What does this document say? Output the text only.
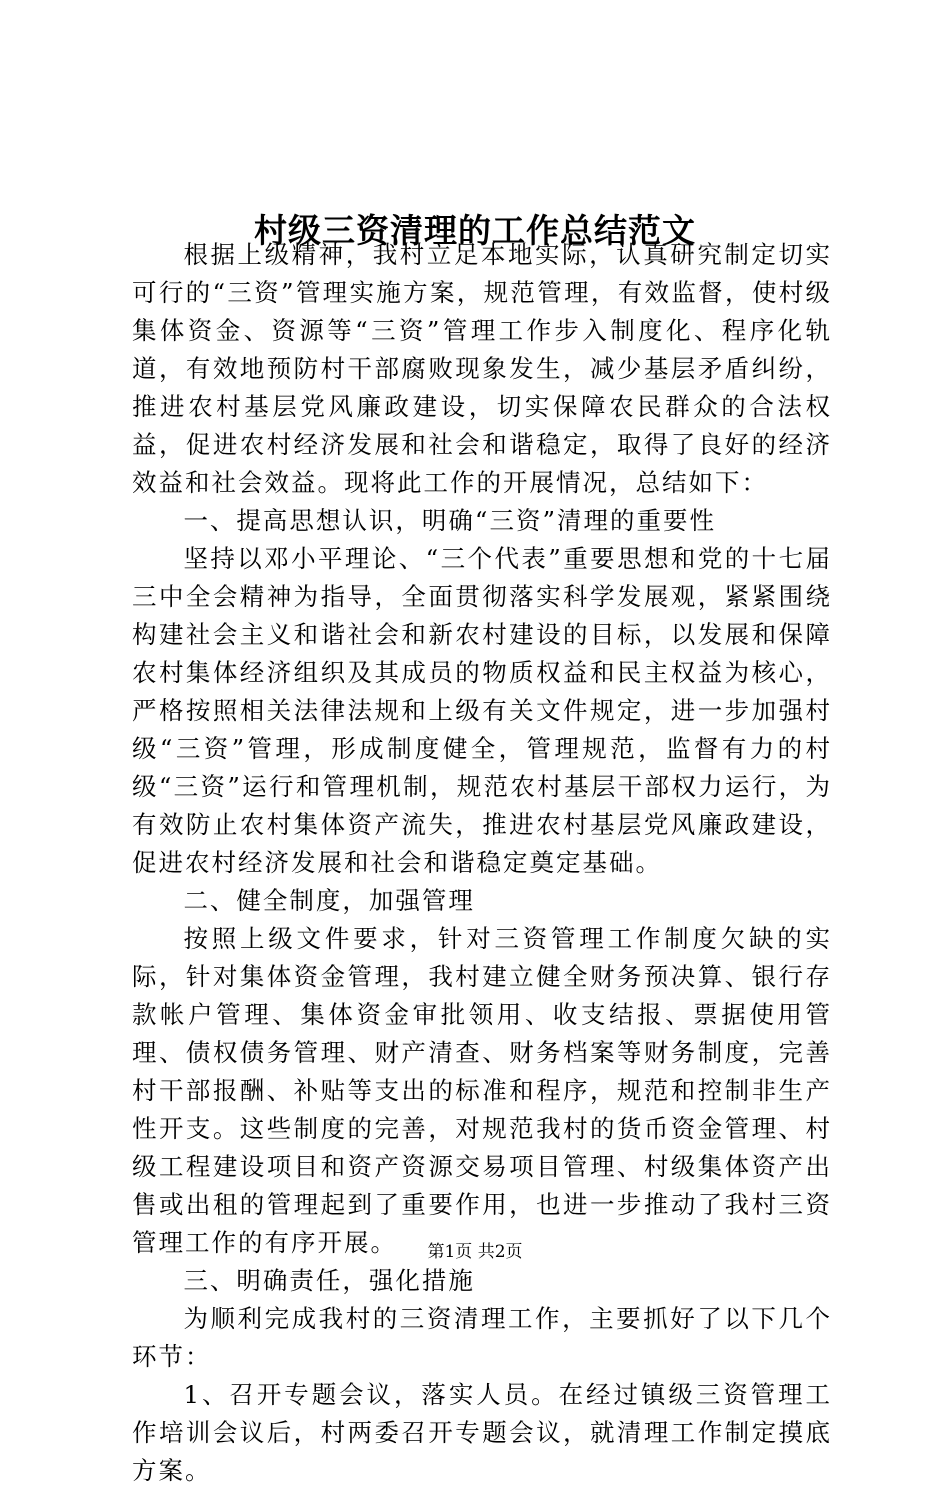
村级三资清理的工作总结范文

根据上级精神，我村立足本地实际，认真研究制定切实可行的“三资”管理实施方案，规范管理，有效监督，使村级集体资金、资源等“三资”管理工作步入制度化、程序化轨道，有效地预防村干部腐败现象发生，减少基层矛盾纠纷，推进农村基层党风廉政建设，切实保障农民群众的合法权益，促进农村经济发展和社会和谐稳定，取得了良好的经济效益和社会效益。现将此工作的开展情况，总结如下：

一、提高思想认识，明确“三资”清理的重要性

坚持以邓小平理论、“三个代表”重要思想和党的十七届三中全会精神为指导，全面贯彻落实科学发展观，紧紧围绕构建社会主义和谐社会和新农村建设的目标，以发展和保障农村集体经济组织及其成员的物质权益和民主权益为核心，严格按照相关法律法规和上级有关文件规定，进一步加强村级“三资”管理，形成制度健全，管理规范，监督有力的村级“三资”运行和管理机制，规范农村基层干部权力运行，为有效防止农村集体资产流失，推进农村基层党风廉政建设，促进农村经济发展和社会和谐稳定奠定基础。

二、健全制度，加强管理

按照上级文件要求，针对三资管理工作制度欠缺的实际，针对集体资金管理，我村建立健全财务预决算、银行存款帐户管理、集体资金审批领用、收支结报、票据使用管理、债权债务管理、财产清查、财务档案等财务制度，完善村干部报酬、补贴等支出的标准和程序，规范和控制非生产性开支。这些制度的完善，对规范我村的货币资金管理、村级工程建设项目和资产资源交易项目管理、村级集体资产出售或出租的管理起到了重要作用，也进一步推动了我村三资管理工作的有序开展。

三、明确责任，强化措施

为顺利完成我村的三资清理工作，主要抓好了以下几个环节：

1、召开专题会议，落实人员。在经过镇级三资管理工作培训会议后，村两委召开专题会议，就清理工作制定摸底方案。

第1页 共2页
